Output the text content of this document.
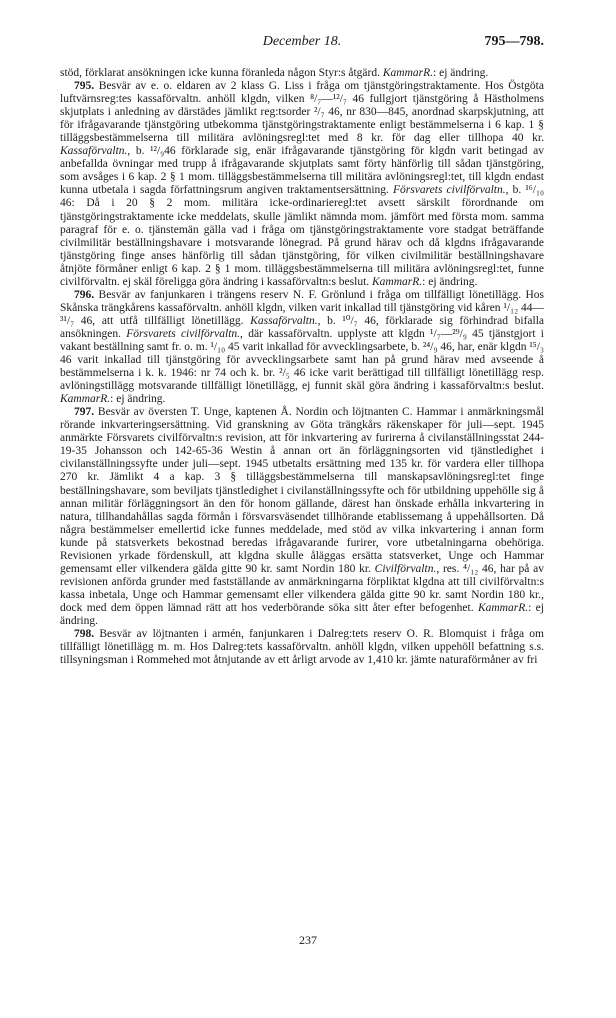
December 18.	795—798.

stöd, förklarat ansökningen icke kunna föranleda någon Styr:s åtgärd. KammarR.: ej ändring.

795. Besvär av e. o. eldaren av 2 klass G. Liss i fråga om tjänstgöringstraktamente. Hos Östgöta luftvärnsreg:tes kassaförvaltn. anhöll klgdn, vilken ⁸/₇—¹²/₇ 46 fullgjort tjänstgöring å Hästholmens skjutplats i anledning av därstädes jämlikt reg:tsorder ²/₇ 46, nr 830—845, anordnad skarpskjutning, att för ifrågavarande tjänstgöring utbekomma tjänstgöringstraktamente enligt bestämmelserna i 6 kap. 1 § tilläggsbestämmelserna till militära avlöningsregl:tet med 8 kr. för dag eller tillhopa 40 kr. Kassaförvaltn., b. ¹²/₉46 förklarade sig, enär ifrågavarande tjänstgöring för klgdn varit betingad av anbefallda övningar med trupp å ifrågavarande skjutplats samt förty hänförlig till sådan tjänstgöring, som avsåges i 6 kap. 2 § 1 mom. tilläggsbestämmelserna till militära avlöningsregl:tet, till klgdn endast kunna utbetala i sagda författningsrum angiven traktamentsersättning. Försvarets civilförvaltn., b. ¹⁶/₁₀ 46: Då i 20 § 2 mom. militära icke-ordinarieregl:tet avsett särskilt förordnande om tjänstgöringstraktamente icke meddelats, skulle jämlikt nämnda mom. jämfört med första mom. samma paragraf för e. o. tjänstemän gälla vad i fråga om tjänstgöringstraktamente vore stadgat beträffande civilmilitär beställningshavare i motsvarande lönegrad. På grund härav och då klgdns ifrågavarande tjänstgöring finge anses hänförlig till sådan tjänstgöring, för vilken civilmilitär beställningshavare åtnjöte förmåner enligt 6 kap. 2 § 1 mom. tilläggsbestämmelserna till militära avlöningsregl:tet, funne civilförvaltn. ej skäl föreligga göra ändring i kassaförvaltn:s beslut. KammarR.: ej ändring.

796. Besvär av fanjunkaren i trängens reserv N. F. Grönlund i fråga om tillfälligt lönetillägg. Hos Skånska trängkårens kassaförvaltn. anhöll klgdn, vilken varit inkallad till tjänstgöring vid kåren ¹/₁₂ 44—³¹/₇ 46, att utfå tillfälligt lönetillägg. Kassaförvaltn., b. ¹⁰/₇ 46, förklarade sig förhindrad bifalla ansökningen. Försvarets civilförvaltn., där kassaförvaltn. upplyste att klgdn ¹/₇—²⁹/₉ 45 tjänstgjort i vakant beställning samt fr. o. m. ¹/₁₀ 45 varit inkallad för avvecklingsarbete, b. ²⁴/₉ 46, har, enär klgdn ¹⁵/₃ 46 varit inkallad till tjänstgöring för avvecklingsarbete samt han på grund härav med avseende å bestämmelserna i k. k. 1946: nr 74 och k. br. ²/₅ 46 icke varit berättigad till tillfälligt lönetillägg resp. avlöningstillägg motsvarande tillfälligt lönetillägg, ej funnit skäl göra ändring i kassaförvaltn:s beslut. KammarR.: ej ändring.

797. Besvär av översten T. Unge, kaptenen Å. Nordin och löjtnanten C. Hammar i anmärkningsmål rörande inkvarteringsersättning. Vid granskning av Göta trängkårs räkenskaper för juli—sept. 1945 anmärkte Försvarets civilförvaltn:s revision, att för inkvartering av furirerna å civilanställningsstat 244-19-35 Johansson och 142-65-36 Westin å annan ort än förläggningsorten vid tjänstledighet i civilanställningssyfte under juli—sept. 1945 utbetalts ersättning med 135 kr. för vardera eller tillhopa 270 kr. Jämlikt 4 a kap. 3 § tilläggsbestämmelserna till manskapsavlöningsregl:tet finge beställningshavare, som beviljats tjänstledighet i civilanställningssyfte och för utbildning uppehölle sig å annan militär förläggningsort än den för honom gällande, därest han önskade erhålla inkvartering in natura, tillhandahållas sagda förmån i försvarsväsendet tillhörande etablissemang å uppehållsorten. Då några bestämmelser emellertid icke funnes meddelade, med stöd av vilka inkvartering i annan form kunde på statsverkets bekostnad beredas ifrågavarande furirer, vore utbetalningarna obehöriga. Revisionen yrkade fördenskull, att klgdna skulle åläggas ersätta statsverket, Unge och Hammar gemensamt eller vilkendera gälda gitte 90 kr. samt Nordin 180 kr. Civilförvaltn., res. ⁴/₁₂ 46, har på av revisionen anförda grunder med fastställande av anmärkningarna förpliktat klgdna att till civilförvaltn:s kassa inbetala, Unge och Hammar gemensamt eller vilkendera gälda gitte 90 kr. samt Nordin 180 kr., dock med dem öppen lämnad rätt att hos vederbörande söka sitt åter efter befogenhet. KammarR.: ej ändring.

798. Besvär av löjtnanten i armén, fanjunkaren i Dalreg:tets reserv O. R. Blomquist i fråga om tillfälligt lönetillägg m. m. Hos Dalreg:tets kassaförvaltn. anhöll klgdn, vilken uppehöll befattning s.s. tillsyningsman i Rommehed mot åtnjutande av ett årligt arvode av 1,410 kr. jämte naturaförmåner av fri

237
